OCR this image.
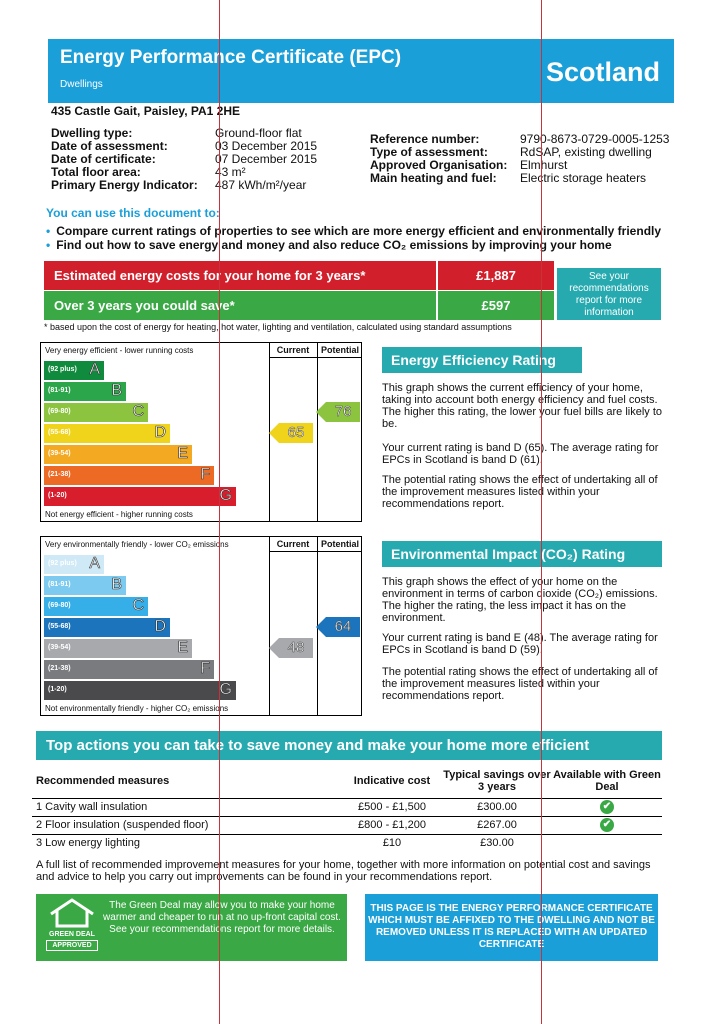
Energy Performance Certificate (EPC)
Dwellings	Scotland
435 Castle Gait, Paisley, PA1 2HE
Dwelling type:	Ground-floor flat
Date of assessment:	03 December 2015
Date of certificate:	07 December 2015
Total floor area:	43 m²
Primary Energy Indicator: 487 kWh/m²/year
Reference number:	9790-8673-0729-0005-1253
Type of assessment:	RdSAP, existing dwelling
Approved Organisation: Elmhurst
Main heating and fuel: Electric storage heaters
You can use this document to:
• Compare current ratings of properties to see which are more energy efficient and environmentally friendly
• Find out how to save energy and money and also reduce CO₂ emissions by improving your home
Estimated energy costs for your home for 3 years*	£1,887
Over 3 years you could save*	£597
See your recommendations report for more information
* based upon the cost of energy for heating, hot water, lighting and ventilation, calculated using standard assumptions
Very energy efficient - lower running costs	Current	Potential
Not energy efficient - higher running costs
(92 plus) A
(81-91)	B
(69-80)	C
(55-68)	D
(39-54)	E
(21-38)	F
(1-20)	G
65
76
Very environmentally friendly - lower CO₂ emissions	Current	Potential
Not environmentally friendly - higher CO₂ emissions
(92 plus) A
(81-91)	B
(69-80)	C
(55-68)	D
(39-54)	E
(21-38)	F
(1-20)	G
48
64
Energy Efficiency Rating
This graph shows the current efficiency of your home, taking into account both energy efficiency and fuel costs. The higher this rating, the lower your fuel bills are likely to be.
Your current rating is band D (65). The average rating for EPCs in Scotland is band D (61).
The potential rating shows the effect of undertaking all of the improvement measures listed within your recommendations report.
Environmental Impact (CO₂) Rating
This graph shows the effect of your home on the environment in terms of carbon dioxide (CO₂) emissions. The higher the rating, the less impact it has on the environment.
Your current rating is band E (48). The average rating for EPCs in Scotland is band D (59).
The potential rating shows the effect of undertaking all of the improvement measures listed within your recommendations report.
Top actions you can take to save money and make your home more efficient
Recommended measures	Indicative cost	Typical savings over 3 years	Available with Green Deal
1 Cavity wall insulation	£500 - £1,500	£300.00	✔
2 Floor insulation (suspended floor)	£800 - £1,200	£267.00	✔
3 Low energy lighting	£10	£30.00	
A full list of recommended improvement measures for your home, together with more information on potential cost and savings and advice to help you carry out improvements can be found in your recommendations report.
GREEN DEAL
APPROVED
The Green Deal may allow you to make your home warmer and cheaper to run at no up-front capital cost. See your recommendations report for more details.
THIS PAGE IS THE ENERGY PERFORMANCE CERTIFICATE WHICH MUST BE AFFIXED TO THE DWELLING AND NOT BE REMOVED UNLESS IT IS REPLACED WITH AN UPDATED CERTIFICATE
